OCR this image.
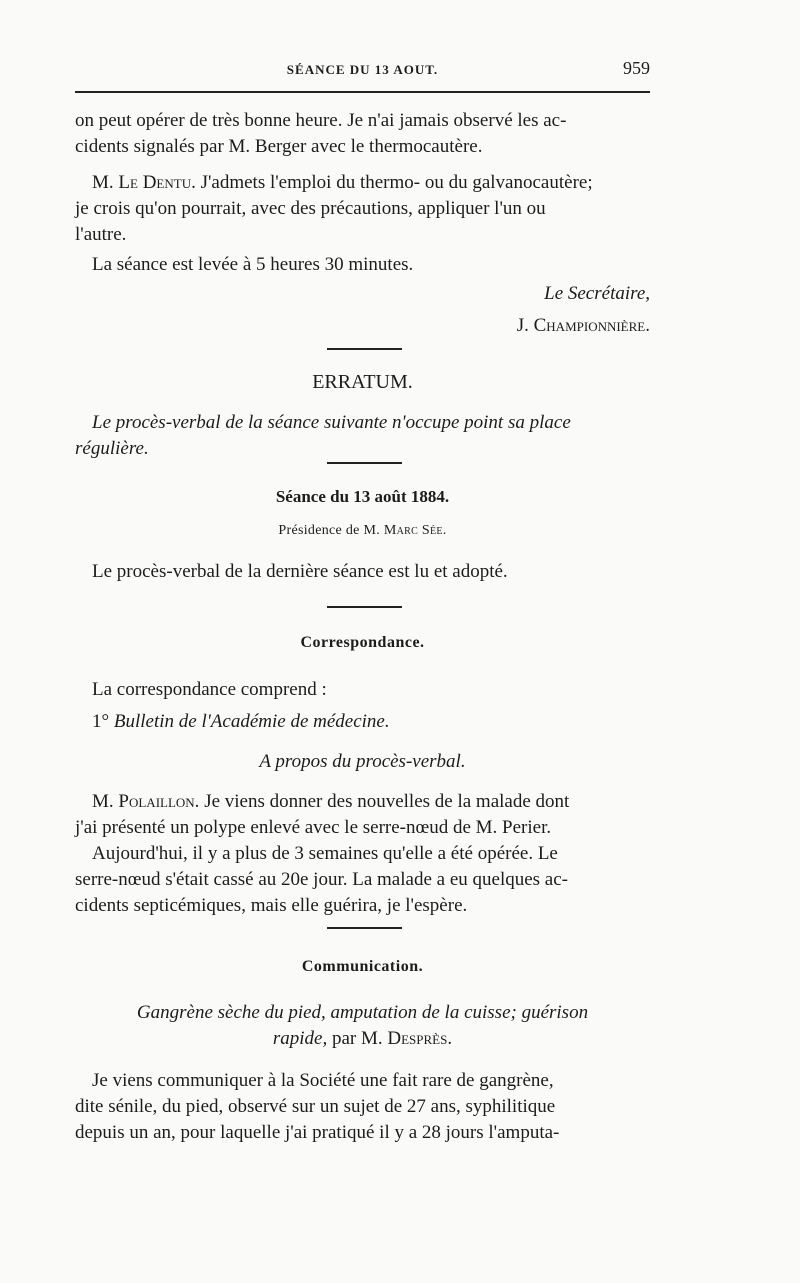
SÉANCE DU 13 AOUT.	959
on peut opérer de très bonne heure. Je n'ai jamais observé les ac-
cidents signalés par M. Berger avec le thermocautère.
M. Le Dentu. J'admets l'emploi du thermo- ou du galvanocautère;
je crois qu'on pourrait, avec des précautions, appliquer l'un ou
l'autre.
La séance est levée à 5 heures 30 minutes.
Le Secrétaire,
J. Championnière.
ERRATUM.
Le procès-verbal de la séance suivante n'occupe point sa place
régulière.
Séance du 13 août 1884.
Présidence de M. Marc Sée.
Le procès-verbal de la dernière séance est lu et adopté.
Correspondance.
La correspondance comprend :
1° Bulletin de l'Académie de médecine.
A propos du procès-verbal.
M. Polaillon. Je viens donner des nouvelles de la malade dont
j'ai présenté un polype enlevé avec le serre-nœud de M. Perier.
Aujourd'hui, il y a plus de 3 semaines qu'elle a été opérée. Le
serre-nœud s'était cassé au 20e jour. La malade a eu quelques ac-
cidents septicémiques, mais elle guérira, je l'espère.
Communication.
Gangrène sèche du pied, amputation de la cuisse; guérison
rapide, par M. Desprès.
Je viens communiquer à la Société une fait rare de gangrène,
dite sénile, du pied, observé sur un sujet de 27 ans, syphilitique
depuis un an, pour laquelle j'ai pratiqué il y a 28 jours l'amputa-
